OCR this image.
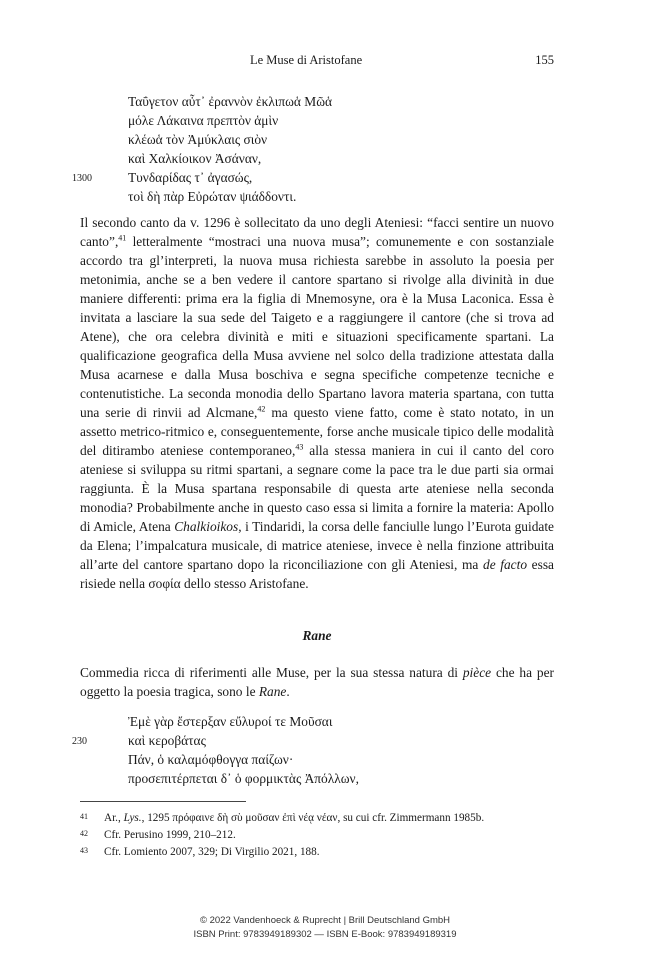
Le Muse di Aristofane	155
Ταΰγετον αὖτ᾽ ἐραννὸν ἐκλιπωἁ Μῶἁ
μόλε Λάκαινα πρεπτὸν ἁμὶν
κλέωἁ τὸν Ἀμύκλαις σιὸν
καὶ Χαλκίοικον Ἀσάναν,
1300	Τυνδαρίδας τ᾽ ἀγασώς,
τοὶ δὴ πὰρ Εὐρώταν ψιάδδοντι.
Il secondo canto da v. 1296 è sollecitato da uno degli Ateniesi: “facci sentire un nuovo canto”,$^{41}$ letteralmente “mostraci una nuova musa”; comunemente e con sostanziale accordo tra gl’interpreti, la nuova musa richiesta sarebbe in assoluto la poesia per metonimia, anche se a ben vedere il cantore spartano si rivolge alla divinità in due maniere differenti: prima era la figlia di Mnemosyne, ora è la Musa Laconica. Essa è invitata a lasciare la sua sede del Taigeto e a raggiungere il cantore (che si trova ad Atene), che ora celebra divinità e miti e situazioni specificamente spartani. La qualificazione geografica della Musa avviene nel solco della tradizione attestata dalla Musa acarnese e dalla Musa boschiva e segna specifiche competenze tecniche e contenutistiche. La seconda monodia dello Spartano lavora materia spartana, con tutta una serie di rinvii ad Alcmane,$^{42}$ ma questo viene fatto, come è stato notato, in un assetto metrico-ritmico e, conseguentemente, forse anche musicale tipico delle modalità del ditirambo ateniese contemporaneo,$^{43}$ alla stessa maniera in cui il canto del coro ateniese si sviluppa su ritmi spartani, a segnare come la pace tra le due parti sia ormai raggiunta. È la Musa spartana responsabile di questa arte ateniese nella seconda monodia? Probabilmente anche in questo caso essa si limita a fornire la materia: Apollo di Amicle, Atena Chalkioikos, i Tindaridi, la corsa delle fanciulle lungo l’Eurota guidate da Elena; l’impalcatura musicale, di matrice ateniese, invece è nella finzione attribuita all’arte del cantore spartano dopo la riconciliazione con gli Ateniesi, ma de facto essa risiede nella σοφία dello stesso Aristofane.
Rane
Commedia ricca di riferimenti alle Muse, per la sua stessa natura di pièce che ha per oggetto la poesia tragica, sono le Rane.
Ἐμὲ γὰρ ἔστερξαν εὔλυροί τε Μοῦσαι
230	καὶ κεροβάτας
Πάν, ὁ καλαμόφθογγα παίζων·
προσεπιτέρπεται δ᾽ ὁ φορμικτὰς Ἀπόλλων,
41 Ar., Lys., 1295 πρόφαινε δὴ σὺ μοῦσαν ἐπὶ νέᾳ νέαν, su cui cfr. Zimmermann 1985b.
42 Cfr. Perusino 1999, 210–212.
43 Cfr. Lomiento 2007, 329; Di Virgilio 2021, 188.
© 2022 Vandenhoeck & Ruprecht | Brill Deutschland GmbH
ISBN Print: 9783949189302 — ISBN E-Book: 9783949189319
